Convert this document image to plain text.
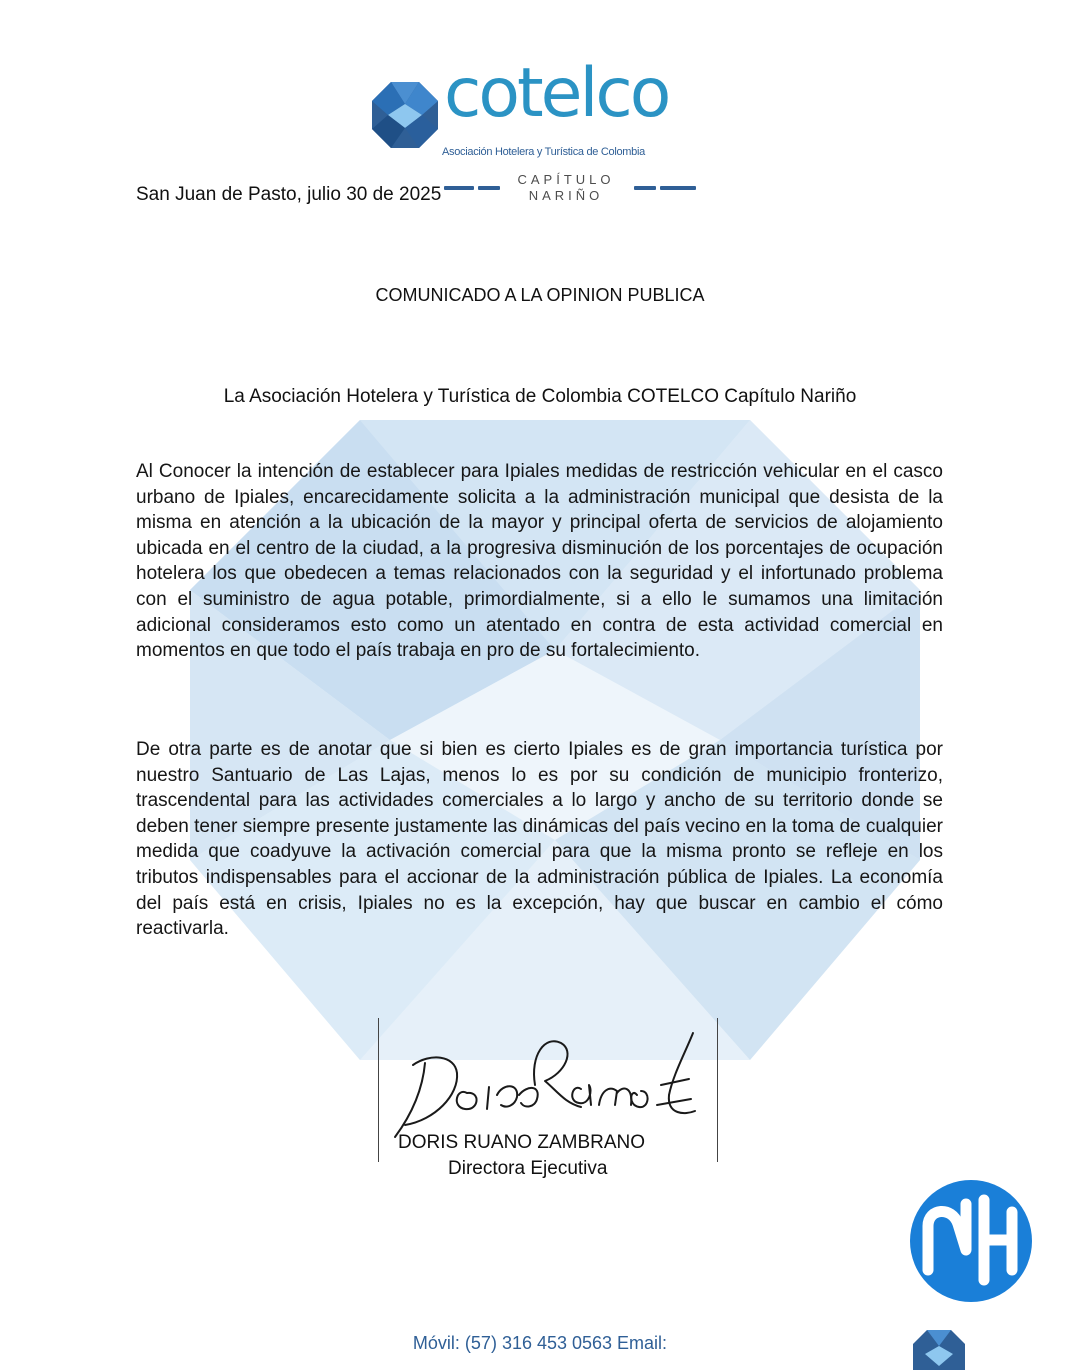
cotelco

Asociación Hotelera y Turística de Colombia

CAPÍTULO
NARIÑO

San Juan de Pasto, julio 30 de 2025

COMUNICADO A LA OPINION PUBLICA

La Asociación Hotelera y Turística de Colombia COTELCO Capítulo Nariño

Al Conocer la intención de establecer para Ipiales medidas de restricción vehicular en el casco urbano de Ipiales, encarecidamente solicita a la administración municipal que desista de la misma en atención a la ubicación de la mayor y principal oferta de servicios de alojamiento ubicada en el centro de la ciudad, a la progresiva disminución de los porcentajes de ocupación hotelera los que obedecen a temas relacionados con la seguridad y el infortunado problema con el suministro de agua potable, primordialmente, si a ello le sumamos una limitación adicional consideramos esto como un atentado en contra de esta actividad comercial en momentos en que todo el país trabaja en pro de su fortalecimiento.

De otra parte es de anotar que si bien es cierto Ipiales es de gran importancia turística por nuestro Santuario de Las Lajas, menos lo es por su condición de municipio fronterizo, trascendental para las actividades comerciales a lo largo y ancho de su territorio donde se deben tener siempre presente justamente las dinámicas del país vecino en la toma de cualquier medida que coadyuve la activación comercial para que la misma pronto se refleje en los tributos indispensables para el accionar de la administración pública de Ipiales. La economía del país está en crisis, Ipiales no es la excepción, hay que buscar en cambio el cómo reactivarla.

DORIS RUANO ZAMBRANO

Directora Ejecutiva

Móvil: (57) 316 453 0563 Email:
